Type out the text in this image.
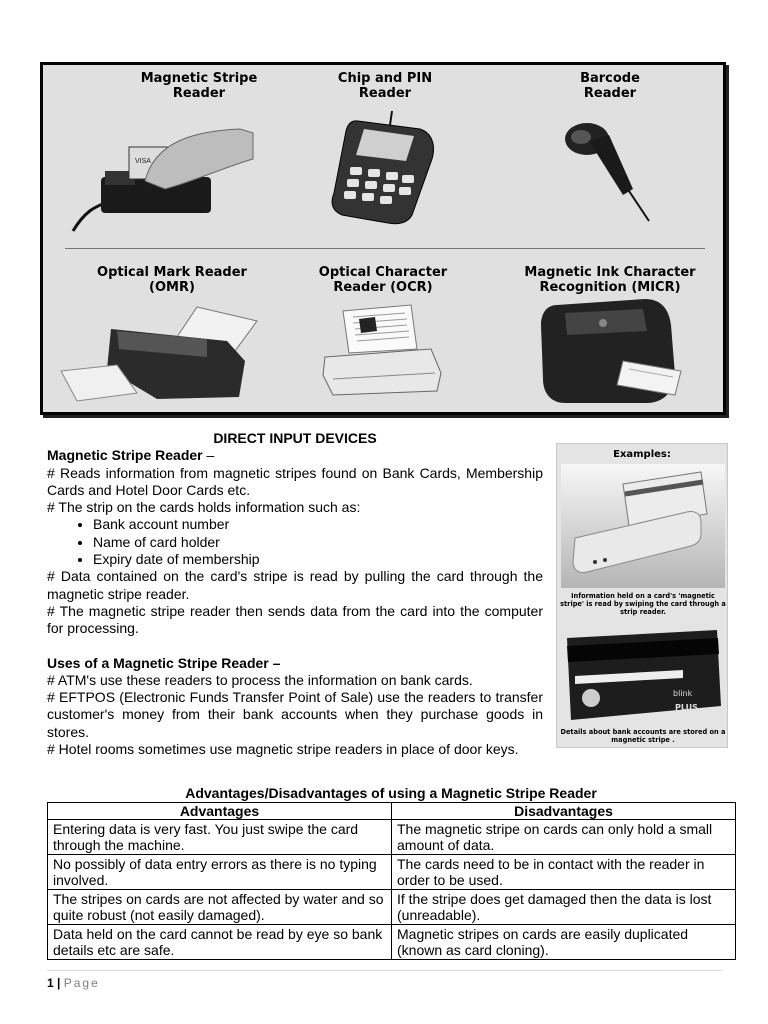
Magnetic Stripe
Reader
Chip and PIN
Reader
Barcode
Reader
VISA
Optical Mark Reader
(OMR)
Optical Character
Reader (OCR)
Magnetic Ink Character
Recognition (MICR)

DIRECT INPUT DEVICES

Magnetic Stripe Reader –

# Reads information from magnetic stripes found on Bank Cards, Membership Cards and Hotel Door Cards etc.

# The strip on the cards holds information such as:

• Bank account number
• Name of card holder
• Expiry date of membership

# Data contained on the card's stripe is read by pulling the card through the magnetic stripe reader.

# The magnetic stripe reader then sends data from the card into the computer for processing.

Uses of a Magnetic Stripe Reader –

# ATM's use these readers to process the information on bank cards.

# EFTPOS (Electronic Funds Transfer Point of Sale) use the readers to transfer customer's money from their bank accounts when they purchase goods in stores.

# Hotel rooms sometimes use magnetic stripe readers in place of door keys.

Examples:
Information held on a card's 'magnetic stripe' is read by swiping the card through a strip reader.
blink
PLUS
Details about bank accounts are stored on a magnetic stripe .
Advantages/Disadvantages of using a Magnetic Stripe Reader
Advantages	Disadvantages
Entering data is very fast. You just swipe the card through the machine.	The magnetic stripe on cards can only hold a small amount of data.
No possibly of data entry errors as there is no typing involved.	The cards need to be in contact with the reader in order to be used.
The stripes on cards are not affected by water and so quite robust (not easily damaged).	If the stripe does get damaged then the data is lost (unreadable).
Data held on the card cannot be read by eye so bank details etc are safe.	Magnetic stripes on cards are easily duplicated (known as card cloning).
1 | Page
